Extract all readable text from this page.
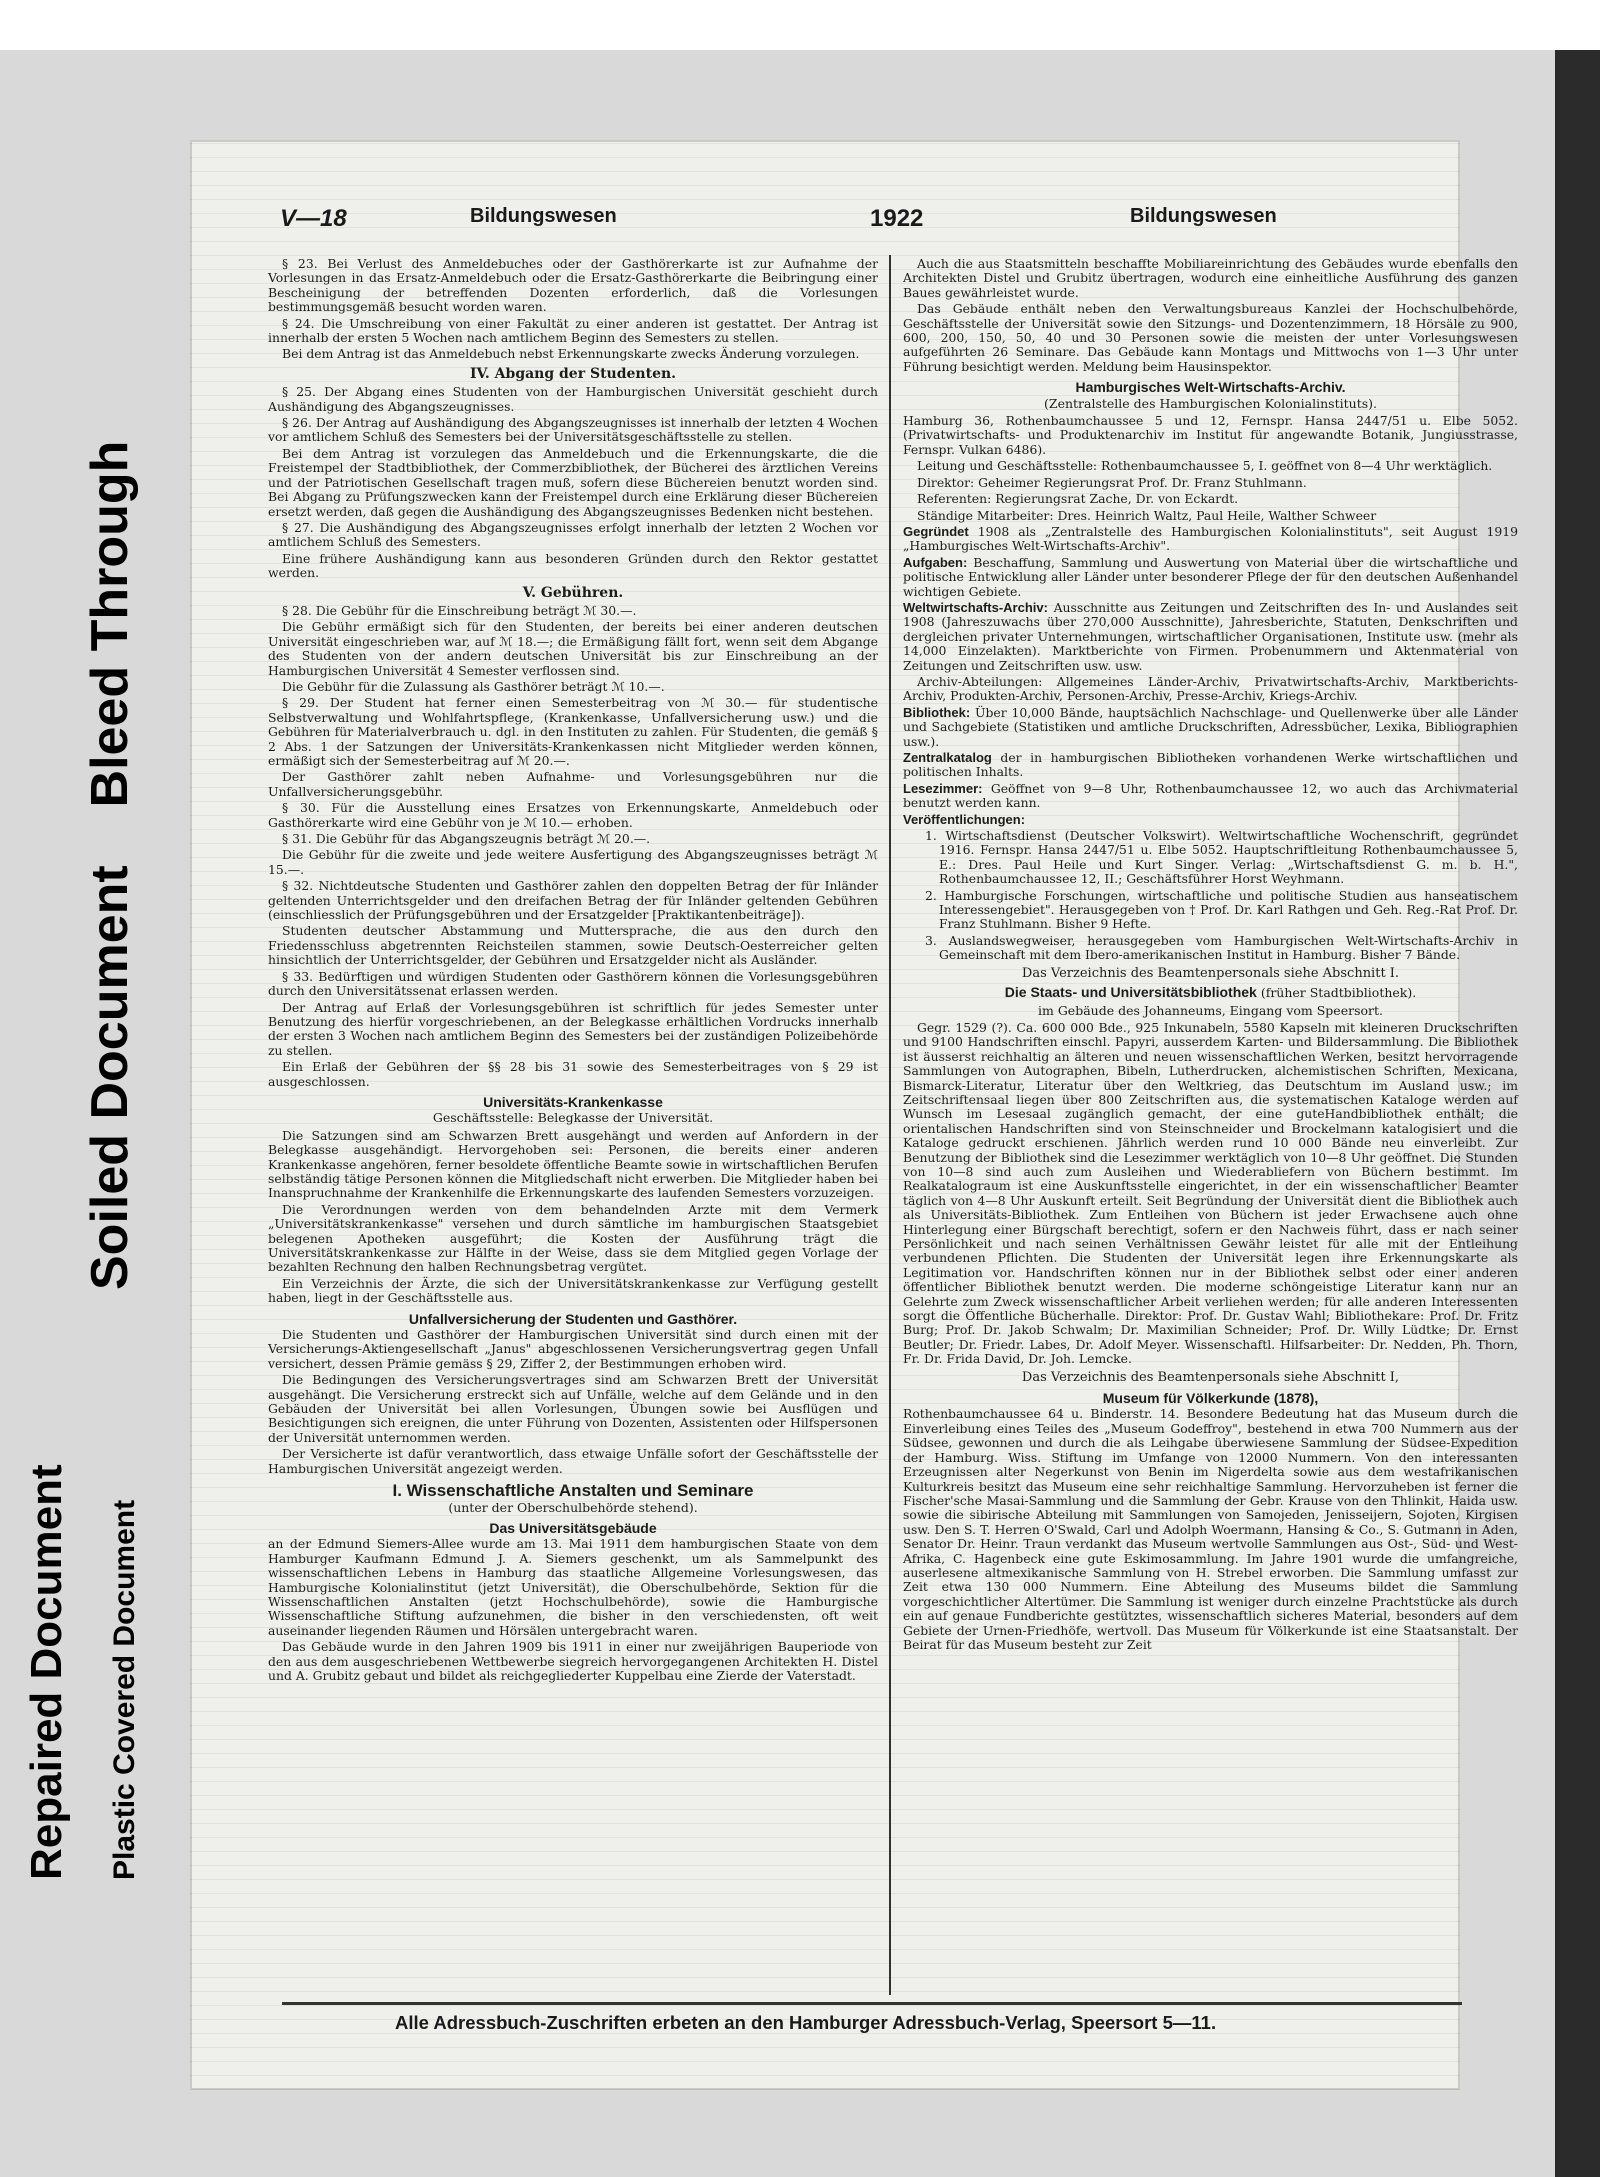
Soiled Document    Bleed Through
Repaired Document Plastic Covered Document
V—18	Bildungswesen	1922	Bildungswesen

§ 23. Bei Verlust des Anmeldebuches oder der Gasthörerkarte ist zur Aufnahme der Vorlesungen in das Ersatz-Anmeldebuch oder die Ersatz-Gasthörerkarte die Beibringung einer Bescheinigung der betreffenden Dozenten erforderlich, daß die Vorlesungen bestimmungsgemäß besucht worden waren.

§ 24. Die Umschreibung von einer Fakultät zu einer anderen ist gestattet. Der Antrag ist innerhalb der ersten 5 Wochen nach amtlichem Beginn des Semesters zu stellen.

Bei dem Antrag ist das Anmeldebuch nebst Erkennungskarte zwecks Änderung vorzulegen.

IV. Abgang der Studenten.

§ 25. Der Abgang eines Studenten von der Hamburgischen Universität geschieht durch Aushändigung des Abgangszeugnisses.

§ 26. Der Antrag auf Aushändigung des Abgangszeugnisses ist innerhalb der letzten 4 Wochen vor amtlichem Schluß des Semesters bei der Universitätsgeschäftsstelle zu stellen.

Bei dem Antrag ist vorzulegen das Anmeldebuch und die Erkennungskarte, die die Freistempel der Stadtbibliothek, der Commerzbibliothek, der Bücherei des ärztlichen Vereins und der Patriotischen Gesellschaft tragen muß, sofern diese Büchereien benutzt worden sind. Bei Abgang zu Prüfungszwecken kann der Freistempel durch eine Erklärung dieser Büchereien ersetzt werden, daß gegen die Aushändigung des Abgangszeugnisses Bedenken nicht bestehen.

§ 27. Die Aushändigung des Abgangszeugnisses erfolgt innerhalb der letzten 2 Wochen vor amtlichem Schluß des Semesters.

Eine frühere Aushändigung kann aus besonderen Gründen durch den Rektor gestattet werden.

V. Gebühren.

§ 28. Die Gebühr für die Einschreibung beträgt ℳ 30.—.

Die Gebühr ermäßigt sich für den Studenten, der bereits bei einer anderen deutschen Universität eingeschrieben war, auf ℳ 18.—; die Ermäßigung fällt fort, wenn seit dem Abgange des Studenten von der andern deutschen Universität bis zur Einschreibung an der Hamburgischen Universität 4 Semester verflossen sind.

Die Gebühr für die Zulassung als Gasthörer beträgt ℳ 10.—.

§ 29. Der Student hat ferner einen Semesterbeitrag von ℳ 30.— für studentische Selbstverwaltung und Wohlfahrtspflege, (Krankenkasse, Unfallversicherung usw.) und die Gebühren für Materialverbrauch u. dgl. in den Instituten zu zahlen. Für Studenten, die gemäß § 2 Abs. 1 der Satzungen der Universitäts-Krankenkassen nicht Mitglieder werden können, ermäßigt sich der Semesterbeitrag auf ℳ 20.—.

Der Gasthörer zahlt neben Aufnahme- und Vorlesungsgebühren nur die Unfallversicherungsgebühr.

§ 30. Für die Ausstellung eines Ersatzes von Erkennungskarte, Anmeldebuch oder Gasthörerkarte wird eine Gebühr von je ℳ 10.— erhoben.

§ 31. Die Gebühr für das Abgangszeugnis beträgt ℳ 20.—.

Die Gebühr für die zweite und jede weitere Ausfertigung des Abgangszeugnisses beträgt ℳ 15.—.

§ 32. Nichtdeutsche Studenten und Gasthörer zahlen den doppelten Betrag der für Inländer geltenden Unterrichtsgelder und den dreifachen Betrag der für Inländer geltenden Gebühren (einschliesslich der Prüfungsgebühren und der Ersatzgelder [Praktikantenbeiträge]).

Studenten deutscher Abstammung und Muttersprache, die aus den durch den Friedensschluss abgetrennten Reichsteilen stammen, sowie Deutsch-Oesterreicher gelten hinsichtlich der Unterrichtsgelder, der Gebühren und Ersatzgelder nicht als Ausländer.

§ 33. Bedürftigen und würdigen Studenten oder Gasthörern können die Vorlesungsgebühren durch den Universitätssenat erlassen werden.

Der Antrag auf Erlaß der Vorlesungsgebühren ist schriftlich für jedes Semester unter Benutzung des hierfür vorgeschriebenen, an der Belegkasse erhältlichen Vordrucks innerhalb der ersten 3 Wochen nach amtlichem Beginn des Semesters bei der zuständigen Polizeibehörde zu stellen.

Ein Erlaß der Gebühren der §§ 28 bis 31 sowie des Semesterbeitrages von § 29 ist ausgeschlossen.

Universitäts-Krankenkasse
Geschäftsstelle: Belegkasse der Universität.

Die Satzungen sind am Schwarzen Brett ausgehängt und werden auf Anfordern in der Belegkasse ausgehändigt. Hervorgehoben sei: Personen, die bereits einer anderen Krankenkasse angehören, ferner besoldete öffentliche Beamte sowie in wirtschaftlichen Berufen selbständig tätige Personen können die Mitgliedschaft nicht erwerben. Die Mitglieder haben bei Inanspruchnahme der Krankenhilfe die Erkennungskarte des laufenden Semesters vorzuzeigen.

Die Verordnungen werden von dem behandelnden Arzte mit dem Vermerk „Universitätskrankenkasse" versehen und durch sämtliche im hamburgischen Staatsgebiet belegenen Apotheken ausgeführt; die Kosten der Ausführung trägt die Universitätskrankenkasse zur Hälfte in der Weise, dass sie dem Mitglied gegen Vorlage der bezahlten Rechnung den halben Rechnungsbetrag vergütet.

Ein Verzeichnis der Ärzte, die sich der Universitätskrankenkasse zur Verfügung gestellt haben, liegt in der Geschäftsstelle aus.

Unfallversicherung der Studenten und Gasthörer.

Die Studenten und Gasthörer der Hamburgischen Universität sind durch einen mit der Versicherungs-Aktiengesellschaft „Janus" abgeschlossenen Versicherungsvertrag gegen Unfall versichert, dessen Prämie gemäss § 29, Ziffer 2, der Bestimmungen erhoben wird.

Die Bedingungen des Versicherungsvertrages sind am Schwarzen Brett der Universität ausgehängt. Die Versicherung erstreckt sich auf Unfälle, welche auf dem Gelände und in den Gebäuden der Universität bei allen Vorlesungen, Übungen sowie bei Ausflügen und Besichtigungen sich ereignen, die unter Führung von Dozenten, Assistenten oder Hilfspersonen der Universität unternommen werden.

Der Versicherte ist dafür verantwortlich, dass etwaige Unfälle sofort der Geschäftsstelle der Hamburgischen Universität angezeigt werden.

I. Wissenschaftliche Anstalten und Seminare
(unter der Oberschulbehörde stehend).
Das Universitätsgebäude

an der Edmund Siemers-Allee wurde am 13. Mai 1911 dem hamburgischen Staate von dem Hamburger Kaufmann Edmund J. A. Siemers geschenkt, um als Sammelpunkt des wissenschaftlichen Lebens in Hamburg das staatliche Allgemeine Vorlesungswesen, das Hamburgische Kolonialinstitut (jetzt Universität), die Oberschulbehörde, Sektion für die Wissenschaftlichen Anstalten (jetzt Hochschulbehörde), sowie die Hamburgische Wissenschaftliche Stiftung aufzunehmen, die bisher in den verschiedensten, oft weit auseinander liegenden Räumen und Hörsälen untergebracht waren.

Das Gebäude wurde in den Jahren 1909 bis 1911 in einer nur zweijährigen Bauperiode von den aus dem ausgeschriebenen Wettbewerbe siegreich hervorgegangenen Architekten H. Distel und A. Grubitz gebaut und bildet als reichgegliederter Kuppelbau eine Zierde der Vaterstadt.

Auch die aus Staatsmitteln beschaffte Mobiliareinrichtung des Gebäudes wurde ebenfalls den Architekten Distel und Grubitz übertragen, wodurch eine einheitliche Ausführung des ganzen Baues gewährleistet wurde.

Das Gebäude enthält neben den Verwaltungsbureaus Kanzlei der Hochschulbehörde, Geschäftsstelle der Universität sowie den Sitzungs- und Dozentenzimmern, 18 Hörsäle zu 900, 600, 200, 150, 50, 40 und 30 Personen sowie die meisten der unter Vorlesungswesen aufgeführten 26 Seminare. Das Gebäude kann Montags und Mittwochs von 1—3 Uhr unter Führung besichtigt werden. Meldung beim Hausinspektor.

Hamburgisches Welt-Wirtschafts-Archiv.
(Zentralstelle des Hamburgischen Kolonialinstituts).

Hamburg 36, Rothenbaumchaussee 5 und 12, Fernspr. Hansa 2447/51 u. Elbe 5052. (Privatwirtschafts- und Produktenarchiv im Institut für angewandte Botanik, Jungiusstrasse, Fernspr. Vulkan 6486).

Leitung und Geschäftsstelle: Rothenbaumchaussee 5, I. geöffnet von 8—4 Uhr werktäglich.

Direktor: Geheimer Regierungsrat Prof. Dr. Franz Stuhlmann.

Referenten: Regierungsrat Zache, Dr. von Eckardt.

Ständige Mitarbeiter: Dres. Heinrich Waltz, Paul Heile, Walther Schweer

Gegründet 1908 als „Zentralstelle des Hamburgischen Kolonialinstituts", seit August 1919 „Hamburgisches Welt-Wirtschafts-Archiv".
Aufgaben: Beschaffung, Sammlung und Auswertung von Material über die wirtschaftliche und politische Entwicklung aller Länder unter besonderer Pflege der für den deutschen Außenhandel wichtigen Gebiete.
Weltwirtschafts-Archiv: Ausschnitte aus Zeitungen und Zeitschriften des In- und Auslandes seit 1908 (Jahreszuwachs über 270,000 Ausschnitte), Jahresberichte, Statuten, Denkschriften und dergleichen privater Unternehmungen, wirtschaftlicher Organisationen, Institute usw. (mehr als 14,000 Einzelakten). Marktberichte von Firmen. Probenummern und Aktenmaterial von Zeitungen und Zeitschriften usw. usw.

Archiv-Abteilungen: Allgemeines Länder-Archiv, Privatwirtschafts-Archiv, Marktberichts-Archiv, Produkten-Archiv, Personen-Archiv, Presse-Archiv, Kriegs-Archiv.

Bibliothek: Über 10,000 Bände, hauptsächlich Nachschlage- und Quellenwerke über alle Länder und Sachgebiete (Statistiken und amtliche Druckschriften, Adressbücher, Lexika, Bibliographien usw.).
Zentralkatalog der in hamburgischen Bibliotheken vorhandenen Werke wirtschaftlichen und politischen Inhalts.
Lesezimmer: Geöffnet von 9—8 Uhr, Rothenbaumchaussee 12, wo auch das Archivmaterial benutzt werden kann.
Veröffentlichungen:
1. Wirtschaftsdienst (Deutscher Volkswirt). Weltwirtschaftliche Wochenschrift, gegründet 1916. Fernspr. Hansa 2447/51 u. Elbe 5052. Hauptschriftleitung Rothenbaumchaussee 5, E.: Dres. Paul Heile und Kurt Singer. Verlag: „Wirtschaftsdienst G. m. b. H.", Rothenbaumchaussee 12, II.; Geschäftsführer Horst Weyhmann.
2. Hamburgische Forschungen, wirtschaftliche und politische Studien aus hanseatischem Interessengebiet". Herausgegeben von † Prof. Dr. Karl Rathgen und Geh. Reg.-Rat Prof. Dr. Franz Stuhlmann. Bisher 9 Hefte.
3. Auslandswegweiser, herausgegeben vom Hamburgischen Welt-Wirtschafts-Archiv in Gemeinschaft mit dem Ibero-amerikanischen Institut in Hamburg. Bisher 7 Bände.
Das Verzeichnis des Beamtenpersonals siehe Abschnitt I.
Die Staats- und Universitätsbibliothek (früher Stadtbibliothek).
im Gebäude des Johanneums, Eingang vom Speersort.

Gegr. 1529 (?). Ca. 600 000 Bde., 925 Inkunabeln, 5580 Kapseln mit kleineren Druckschriften und 9100 Handschriften einschl. Papyri, ausserdem Karten- und Bildersammlung. Die Bibliothek ist äusserst reichhaltig an älteren und neuen wissenschaftlichen Werken, besitzt hervorragende Sammlungen von Autographen, Bibeln, Lutherdrucken, alchemistischen Schriften, Mexicana, Bismarck-Literatur, Literatur über den Weltkrieg, das Deutschtum im Ausland usw.; im Zeitschriftensaal liegen über 800 Zeitschriften aus, die systematischen Kataloge werden auf Wunsch im Lesesaal zugänglich gemacht, der eine guteHandbibliothek enthält; die orientalischen Handschriften sind von Steinschneider und Brockelmann katalogisiert und die Kataloge gedruckt erschienen. Jährlich werden rund 10 000 Bände neu einverleibt. Zur Benutzung der Bibliothek sind die Lesezimmer werktäglich von 10—8 Uhr geöffnet. Die Stunden von 10—8 sind auch zum Ausleihen und Wiederabliefern von Büchern bestimmt. Im Realkatalograum ist eine Auskunftsstelle eingerichtet, in der ein wissenschaftlicher Beamter täglich von 4—8 Uhr Auskunft erteilt. Seit Begründung der Universität dient die Bibliothek auch als Universitäts-Bibliothek. Zum Entleihen von Büchern ist jeder Erwachsene auch ohne Hinterlegung einer Bürgschaft berechtigt, sofern er den Nachweis führt, dass er nach seiner Persönlichkeit und nach seinen Verhältnissen Gewähr leistet für alle mit der Entleihung verbundenen Pflichten. Die Studenten der Universität legen ihre Erkennungskarte als Legitimation vor. Handschriften können nur in der Bibliothek selbst oder einer anderen öffentlicher Bibliothek benutzt werden. Die moderne schöngeistige Literatur kann nur an Gelehrte zum Zweck wissenschaftlicher Arbeit verliehen werden; für alle anderen Interessenten sorgt die Öffentliche Bücherhalle. Direktor: Prof. Dr. Gustav Wahl; Bibliothekare: Prof. Dr. Fritz Burg; Prof. Dr. Jakob Schwalm; Dr. Maximilian Schneider; Prof. Dr. Willy Lüdtke; Dr. Ernst Beutler; Dr. Friedr. Labes, Dr. Adolf Meyer. Wissenschaftl. Hilfsarbeiter: Dr. Nedden, Ph. Thorn, Fr. Dr. Frida David, Dr. Joh. Lemcke.

Das Verzeichnis des Beamtenpersonals siehe Abschnitt I,
Museum für Völkerkunde (1878),

Rothenbaumchaussee 64 u. Binderstr. 14. Besondere Bedeutung hat das Museum durch die Einverleibung eines Teiles des „Museum Godeffroy", bestehend in etwa 700 Nummern aus der Südsee, gewonnen und durch die als Leihgabe überwiesene Sammlung der Südsee-Expedition der Hamburg. Wiss. Stiftung im Umfange von 12000 Nummern. Von den interessanten Erzeugnissen alter Negerkunst von Benin im Nigerdelta sowie aus dem westafrikanischen Kulturkreis besitzt das Museum eine sehr reichhaltige Sammlung. Hervorzuheben ist ferner die Fischer'sche Masai-Sammlung und die Sammlung der Gebr. Krause von den Thlinkit, Haida usw. sowie die sibirische Abteilung mit Sammlungen von Samojeden, Jenisseijern, Sojoten, Kirgisen usw. Den S. T. Herren O'Swald, Carl und Adolph Woermann, Hansing & Co., S. Gutmann in Aden, Senator Dr. Heinr. Traun verdankt das Museum wertvolle Sammlungen aus Ost-, Süd- und West-Afrika, C. Hagenbeck eine gute Eskimosammlung. Im Jahre 1901 wurde die umfangreiche, auserlesene altmexikanische Sammlung von H. Strebel erworben. Die Sammlung umfasst zur Zeit etwa 130 000 Nummern. Eine Abteilung des Museums bildet die Sammlung vorgeschichtlicher Altertümer. Die Sammlung ist weniger durch einzelne Prachtstücke als durch ein auf genaue Fundberichte gestütztes, wissenschaftlich sicheres Material, besonders auf dem Gebiete der Urnen-Friedhöfe, wertvoll. Das Museum für Völkerkunde ist eine Staatsanstalt. Der Beirat für das Museum besteht zur Zeit

Alle Adressbuch-Zuschriften erbeten an den Hamburger Adressbuch-Verlag, Speersort 5—11.
